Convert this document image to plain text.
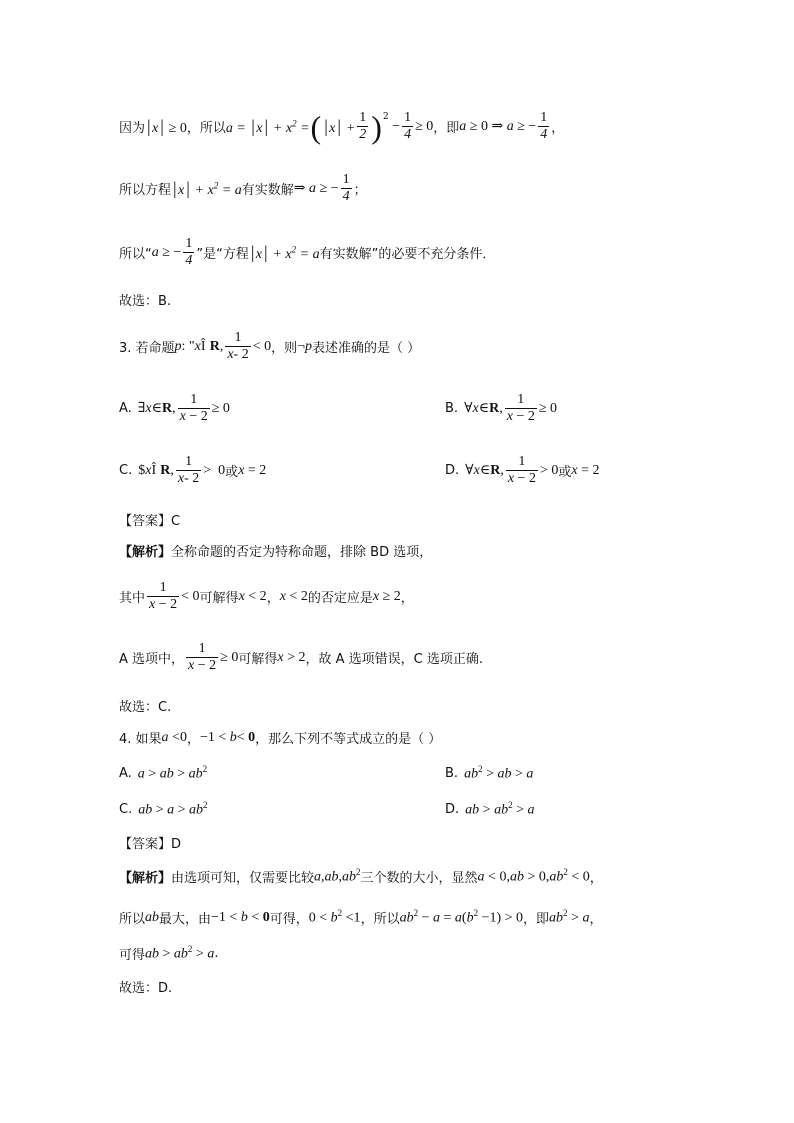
因为 |x| ≥ 0 ，所以 $a = |x| + x^2$ = ( $|x| + \frac{1}{2} )^2$
− $\frac{1}{4} \ge 0$ ，即 a ≥ 0 ⇒ a ≥ − $\frac{1}{4}$ ，
所以方程 $|x| + x^2 = a$ 有实数解 ⇒ a ≥ − $\frac{1}{4}$ ；
所以“ a ≥ − $\frac{1}{4}$ ”是“方程 $|x| + x^2 = a$ 有实数解”的必要不充分条件．
故选：B.
3. 若命题 p : " x Î
R , $\frac{1}{x- 2} < 0$ ，则 ¬ p 表述准确的是（ ）
A. ∃ x ∈ R , $\frac{1}{x - 2} \ge 0$	B. ∀ x ∈ R , $\frac{1}{x - 2} \ge 0$
C. $ x Î
R , $\frac{1}{x- 2} > 0$ 或 x = 2	D. ∀ x ∈ R , $\frac{1}{x - 2} > 0$ 或 x = 2
【答案】C
【解析】 全称命题的否定为特称命题，排除 BD 选项，
其中 $\frac{1}{x - 2} < 0$ 可解得 x < 2 ， x < 2 的否定应是 x ≥ 2 ，
A 选项中， $\frac{1}{x - 2} \ge 0$ 可解得 x > 2 ，故 A 选项错误，C 选项正确.
故选：C.
4. 如果 a <0 ， −1 < b < 0 ，那么下列不等式成立的是（ ）
A. a > ab > $ab^2$	B. $ab^2$ > ab > a
C. ab > $a > ab^2$	D. ab > $ab^2 > a$
【答案】D
【解析】 由选项可知，仅需要比较 $a,ab,ab^2$ 三个数的大小，显然 $a < 0,ab > 0,ab^2 < 0$ ，
所以 ab 最大，由 −1 < b < 0 可得， $0 < b^2 <1$ ，所以 $ab^2 - a = a(b^2 -1) > 0$ ，即 $ab^2 > a$ ，
可得 ab > $ab^2 > a$ .
故选：D.
